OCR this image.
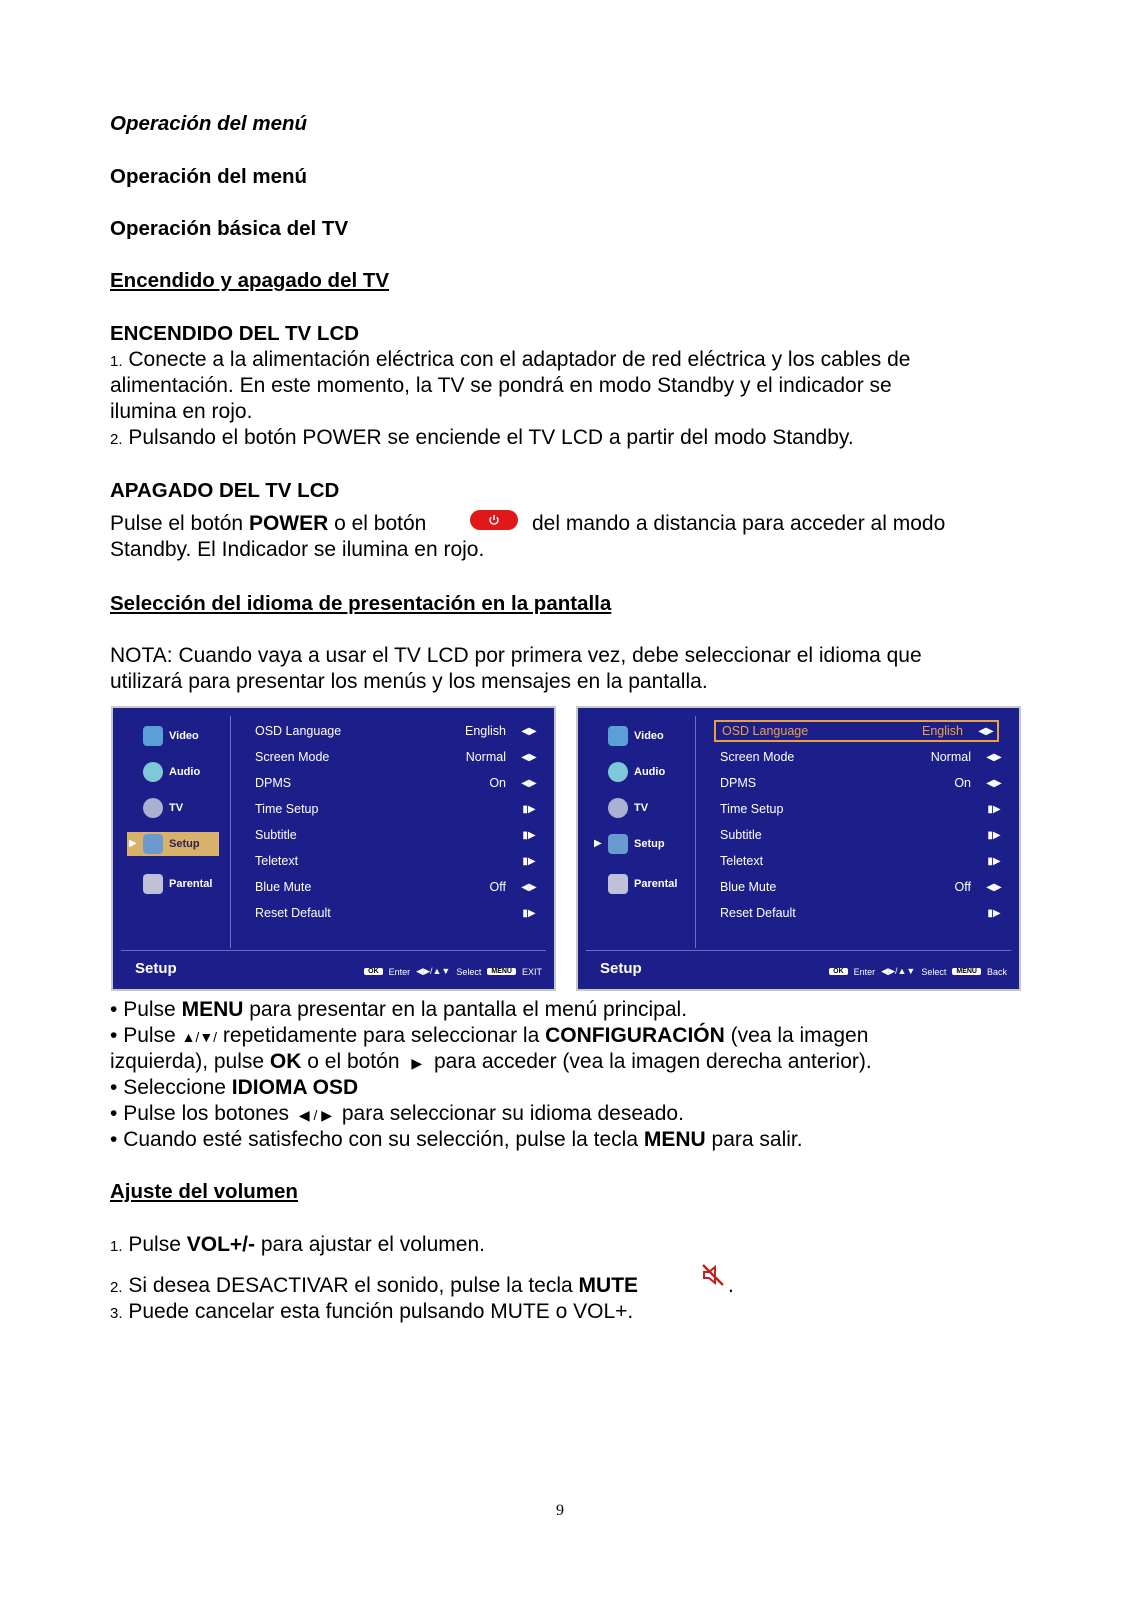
Operación del menú
Operación del menú
Operación básica del TV
Encendido y apagado del TV
ENCENDIDO DEL TV LCD
1. Conecte a la alimentación eléctrica con el adaptador de red eléctrica y los cables de
alimentación. En este momento, la TV se pondrá en modo Standby y el indicador se
ilumina en rojo.
2. Pulsando el botón POWER se enciende el TV LCD a partir del modo Standby.
APAGADO DEL TV LCD
Pulse el botón POWER o el botón	del mando a distancia para acceder al modo
Standby. El Indicador se ilumina en rojo.
Selección del idioma de presentación en la pantalla
NOTA: Cuando vaya a usar el TV LCD por primera vez, debe seleccionar el idioma que
utilizará para presentar los menús y los mensajes en la pantalla.
Video
Audio
TV
Setup
▶
Parental
OSD Language	English	◀▶
Screen Mode	Normal	◀▶
DPMS	On	◀▶
Time Setup	▮▶
Subtitle	▮▶
Teletext	▮▶
Blue Mute	Off	◀▶
Reset Default	▮▶
Setup	OK	Enter ◀▶/▲▼ Select	MENU	EXIT
Video
Audio
TV
Setup
▶
Parental
OSD Language	English	◀▶
Screen Mode	Normal	◀▶
DPMS	On	◀▶
Time Setup	▮▶
Subtitle	▮▶
Teletext	▮▶
Blue Mute	Off	◀▶
Reset Default	▮▶
Setup	OK	Enter ◀▶/▲▼ Select	MENU	Back
• Pulse MENU para presentar en la pantalla el menú principal.
• Pulse ▲/▼/ repetidamente para seleccionar la CONFIGURACIÓN (vea la imagen
izquierda), pulse OK o el botón ▶ para acceder (vea la imagen derecha anterior).
• Seleccione IDIOMA OSD
• Pulse los botones ◀ / ▶ para seleccionar su idioma deseado.
• Cuando esté satisfecho con su selección, pulse la tecla MENU para salir.
Ajuste del volumen
1. Pulse VOL+/- para ajustar el volumen.
2. Si desea DESACTIVAR el sonido, pulse la tecla MUTE	.
3. Puede cancelar esta función pulsando MUTE o VOL+.
9
